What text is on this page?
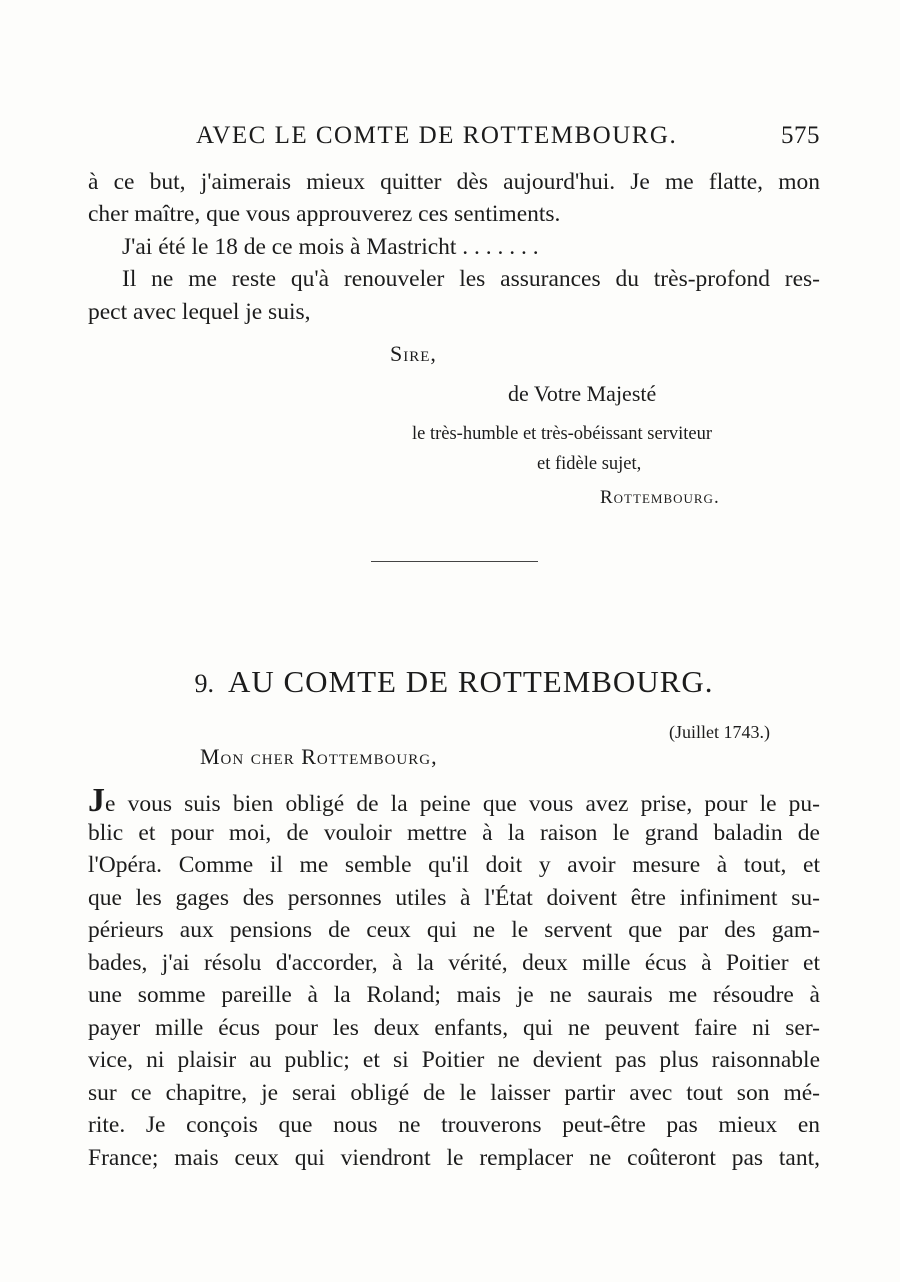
AVEC LE COMTE DE ROTTEMBOURG.	575
à ce but, j'aimerais mieux quitter dès aujourd'hui. Je me flatte, mon
cher maître, que vous approuverez ces sentiments.
J'ai été le 18 de ce mois à Mastricht . . . . . . .
Il ne me reste qu'à renouveler les assurances du très-profond res-
pect avec lequel je suis,
Sire,
de Votre Majesté
le très-humble et très-obéissant serviteur
et fidèle sujet,
Rottembourg.
9. AU COMTE DE ROTTEMBOURG.
(Juillet 1743.)
Mon cher Rottembourg,
Je vous suis bien obligé de la peine que vous avez prise, pour le pu-
blic et pour moi, de vouloir mettre à la raison le grand baladin de
l'Opéra. Comme il me semble qu'il doit y avoir mesure à tout, et
que les gages des personnes utiles à l'État doivent être infiniment su-
périeurs aux pensions de ceux qui ne le servent que par des gam-
bades, j'ai résolu d'accorder, à la vérité, deux mille écus à Poitier et
une somme pareille à la Roland; mais je ne saurais me résoudre à
payer mille écus pour les deux enfants, qui ne peuvent faire ni ser-
vice, ni plaisir au public; et si Poitier ne devient pas plus raisonnable
sur ce chapitre, je serai obligé de le laisser partir avec tout son mé-
rite. Je conçois que nous ne trouverons peut-être pas mieux en
France; mais ceux qui viendront le remplacer ne coûteront pas tant,
